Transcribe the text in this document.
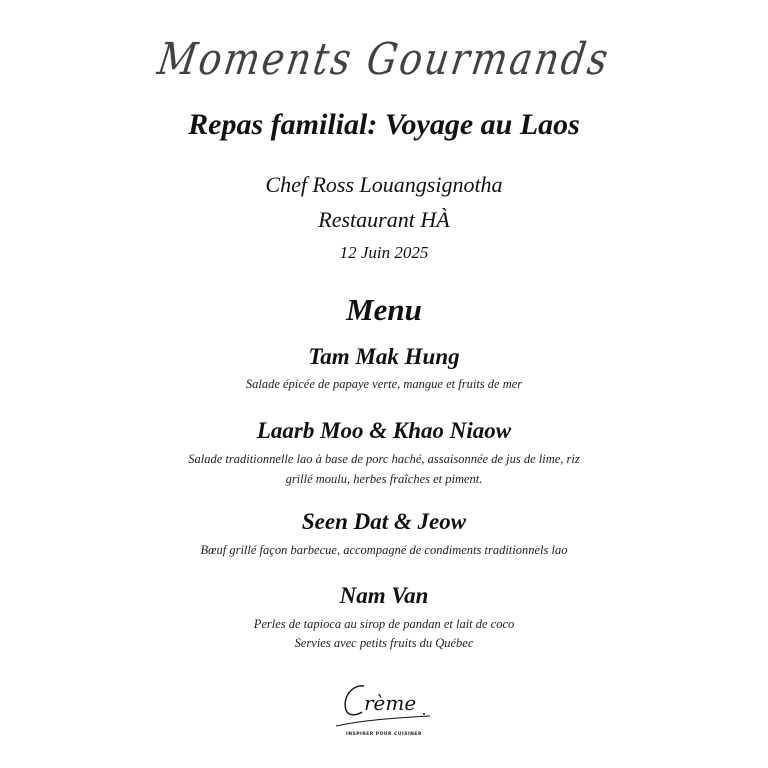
Moments Gourmands
Repas familial: Voyage au Laos
Chef Ross Louangsignotha
Restaurant HÀ
12 Juin 2025
Menu
Tam Mak Hung
Salade épicée de papaye verte, mangue et fruits de mer
Laarb Moo & Khao Niaow
Salade traditionnelle lao à base de porc haché, assaisonnée de jus de lime, riz
grillé moulu, herbes fraîches et piment.
Seen Dat & Jeow
Bœuf grillé façon barbecue, accompagné de condiments traditionnels lao
Nam Van
Perles de tapioca au sirop de pandan et lait de coco
Servies avec petits fruits du Québec
rème
INSPIRER POUR CUISINER
